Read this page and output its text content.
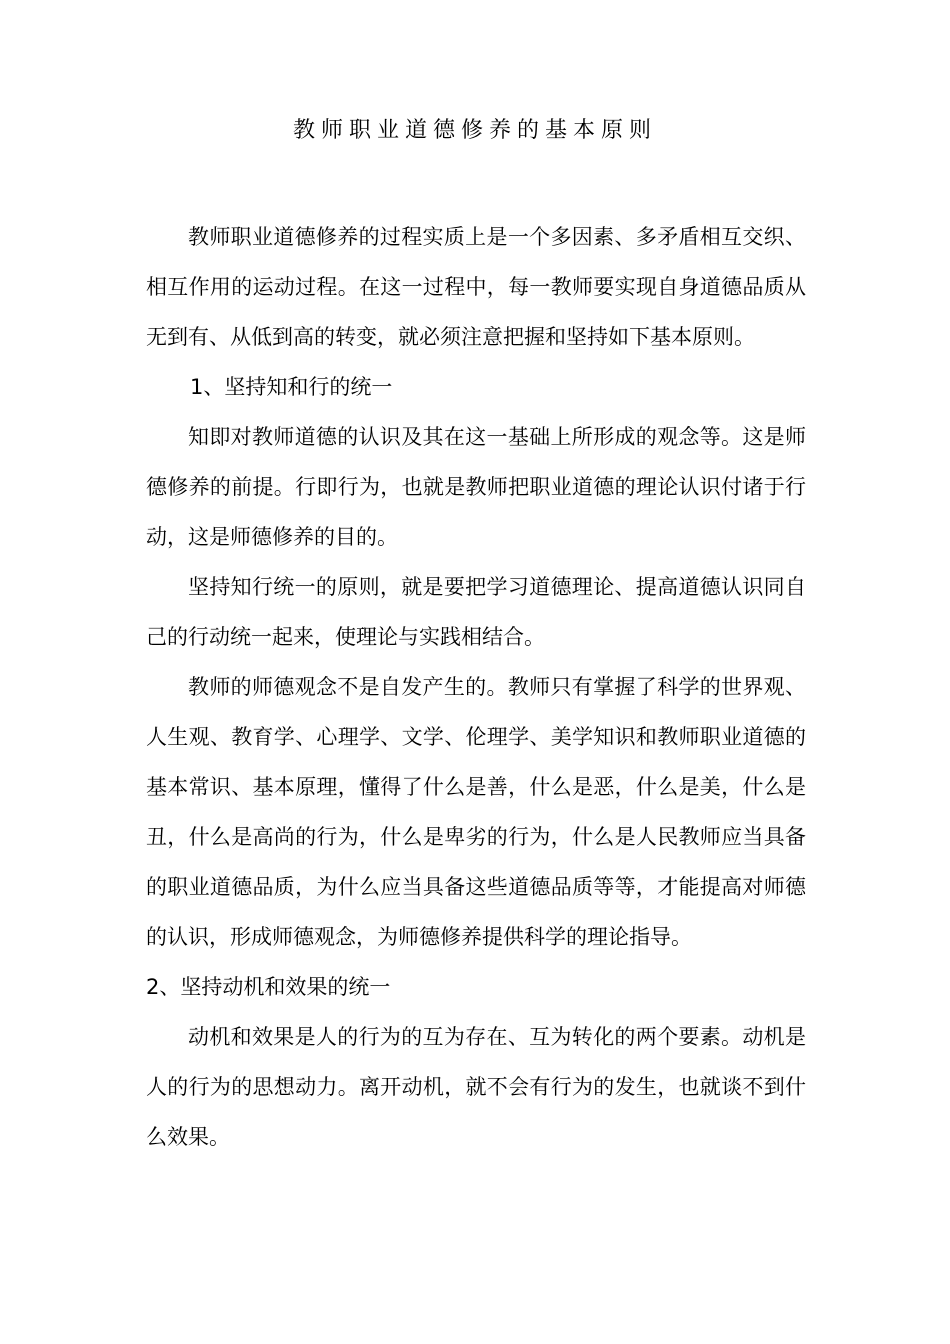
教师职业道德修养的基本原则

教师职业道德修养的过程实质上是一个多因素、多矛盾相互交织、相互作用的运动过程。在这一过程中，每一教师要实现自身道德品质从无到有、从低到高的转变，就必须注意把握和坚持如下基本原则。

1、坚持知和行的统一

知即对教师道德的认识及其在这一基础上所形成的观念等。这是师德修养的前提。行即行为，也就是教师把职业道德的理论认识付诸于行动，这是师德修养的目的。

坚持知行统一的原则，就是要把学习道德理论、提高道德认识同自己的行动统一起来，使理论与实践相结合。

教师的师德观念不是自发产生的。教师只有掌握了科学的世界观、人生观、教育学、心理学、文学、伦理学、美学知识和教师职业道德的基本常识、基本原理，懂得了什么是善，什么是恶，什么是美，什么是丑，什么是高尚的行为，什么是卑劣的行为，什么是人民教师应当具备的职业道德品质，为什么应当具备这些道德品质等等，才能提高对师德的认识，形成师德观念，为师德修养提供科学的理论指导。

2、坚持动机和效果的统一

动机和效果是人的行为的互为存在、互为转化的两个要素。动机是人的行为的思想动力。离开动机，就不会有行为的发生，也就谈不到什么效果。
